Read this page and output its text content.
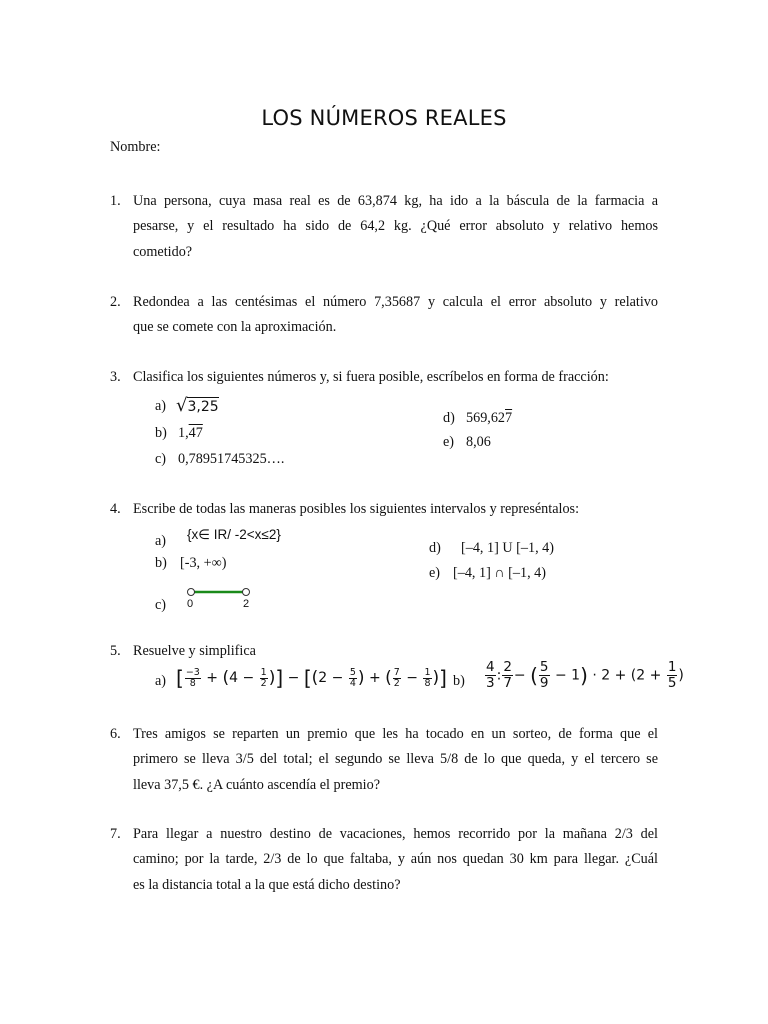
LOS NÚMEROS REALES
Nombre:
1. Una persona, cuya masa real es de 63,874 kg, ha ido a la báscula de la farmacia a
pesarse, y el resultado ha sido de 64,2 kg. ¿Qué error absoluto y relativo hemos
cometido?
2. Redondea a las centésimas el número 7,35687 y calcula el error absoluto y relativo
que se comete con la aproximación.
3. Clasifica los siguientes números y, si fuera posible, escríbelos en forma de fracción:
a) √3,25
b) 1,47
c) 0,78951745325….
d) 569,627
e) 8,06
4. Escribe de todas las maneras posibles los siguientes intervalos y represéntalos:
a) {x∈ IR/ -2<x≤2}
b) [-3, +∞)
c) 0	2
d) [–4, 1] U [–1, 4)
e) [–4, 1] ∩ [–1, 4)
5. Resuelve y simplifica
a) [ $\frac{-3}{8} + (4 - \frac{1}{2}$ )] − [($2 - \frac{5}{4}$ ) + ( $\frac{7}{2} - \frac{1}{8}$ )] $b) \frac{4}{3}$ : $\frac{2}{7}$ − ( $\frac{5}{9} - 1) \cdot 2 + (2 + \frac{1}{5}$ )
6. Tres amigos se reparten un premio que les ha tocado en un sorteo, de forma que el
primero se lleva 3/5 del total; el segundo se lleva 5/8 de lo que queda, y el tercero se
lleva 37,5 €. ¿A cuánto ascendía el premio?
7. Para llegar a nuestro destino de vacaciones, hemos recorrido por la mañana 2/3 del
camino; por la tarde, 2/3 de lo que faltaba, y aún nos quedan 30 km para llegar. ¿Cuál
es la distancia total a la que está dicho destino?
